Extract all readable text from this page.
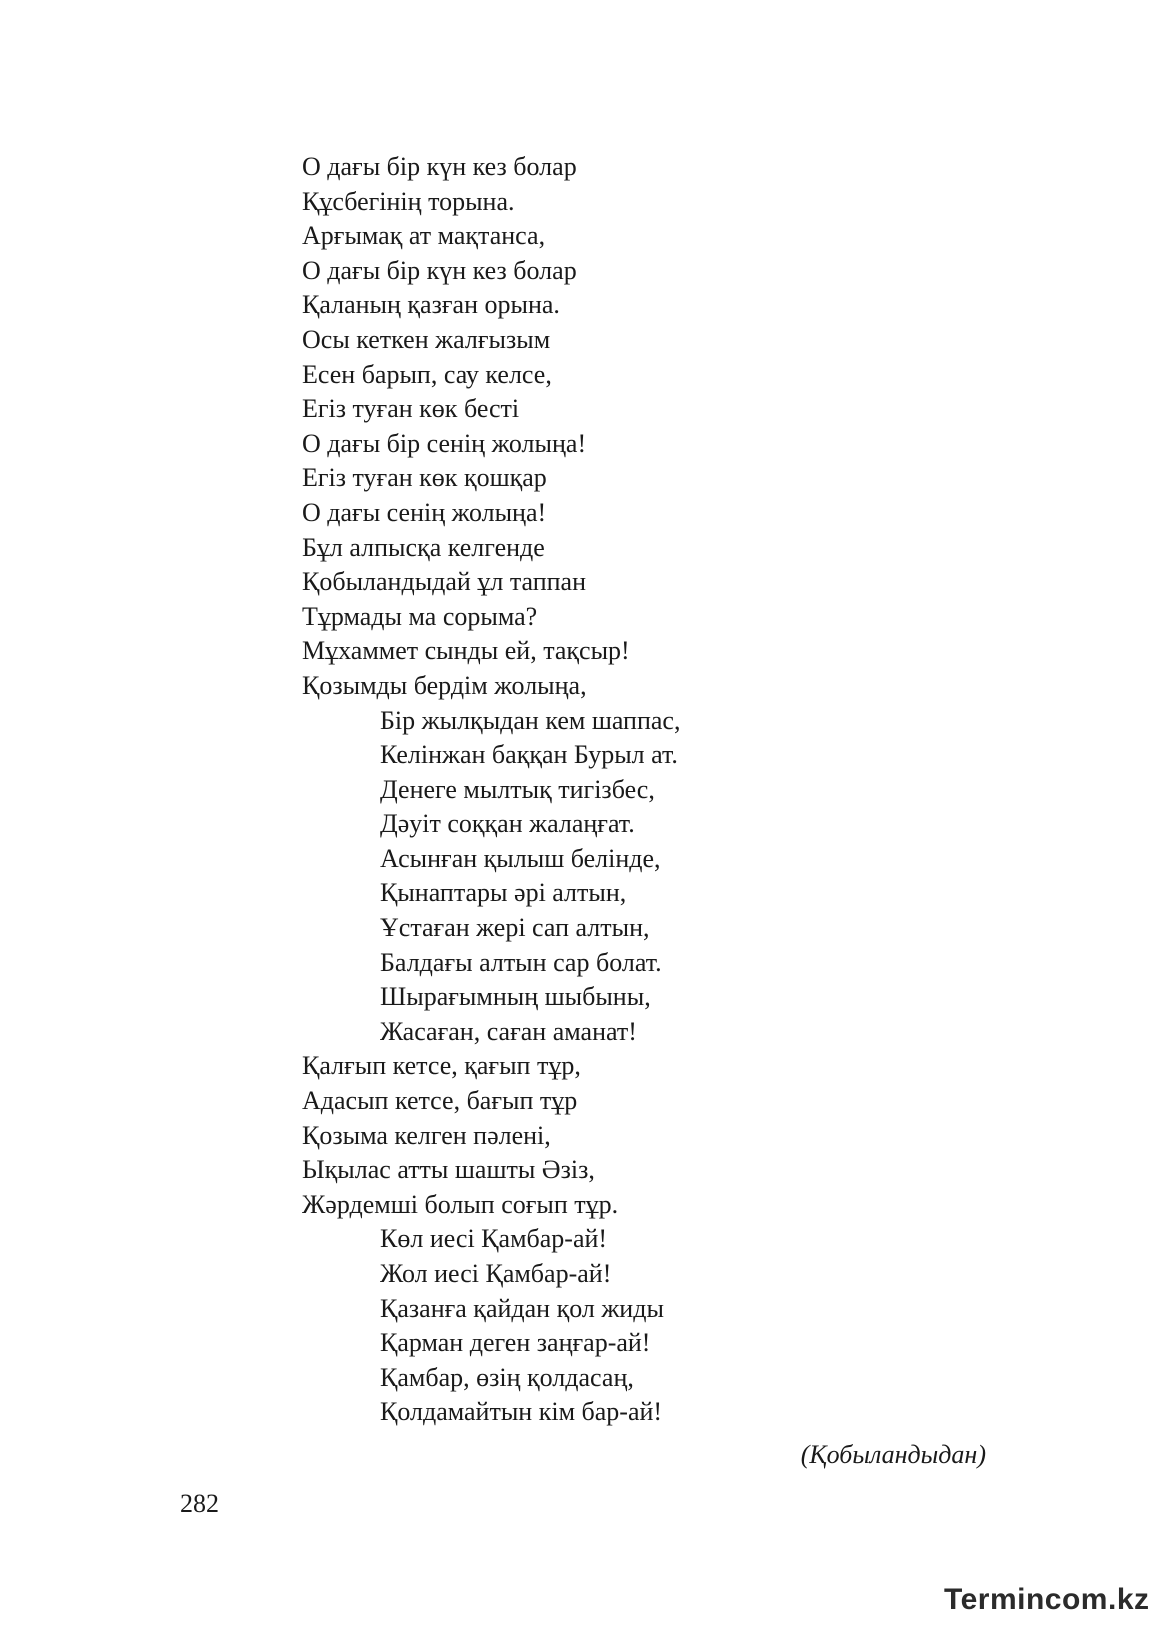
О дағы бір күн кез болар
Құсбегінің торына.
Арғымақ ат мақтанса,
О дағы бір күн кез болар
Қаланың қазған орына.
Осы кеткен жалғызым
Есен барып, сау келсе,
Егіз туған көк бесті
О дағы бір сенің жолыңа!
Егіз туған көк қошқар
О дағы сенің жолыңа!
Бұл алпысқа келгенде
Қобыландыдай ұл таппан
Тұрмады ма сорыма?
Мұхаммет сынды ей, тақсыр!
Қозымды бердім жолыңа,
Бір жылқыдан кем шаппас,
Келінжан баққан Бурыл ат.
Денеге мылтық тигізбес,
Дәуіт соққан жалаңғат.
Асынған қылыш белінде,
Қынаптары әрі алтын,
Ұстаған жері сап алтын,
Балдағы алтын сар болат.
Шырағымның шыбыны,
Жасаған, саған аманат!
Қалғып кетсе, қағып тұр,
Адасып кетсе, бағып тұр
Қозыма келген пәлені,
Ықылас атты шашты Әзіз,
Жәрдемші болып соғып тұр.
Көл иесі Қамбар-ай!
Жол иесі Қамбар-ай!
Қазанға қайдан қол жиды
Қарман деген заңғар-ай!
Қамбар, өзің қолдасаң,
Қолдамайтын кім бар-ай!
(Қобыландыдан)
282
Termincom.kz
